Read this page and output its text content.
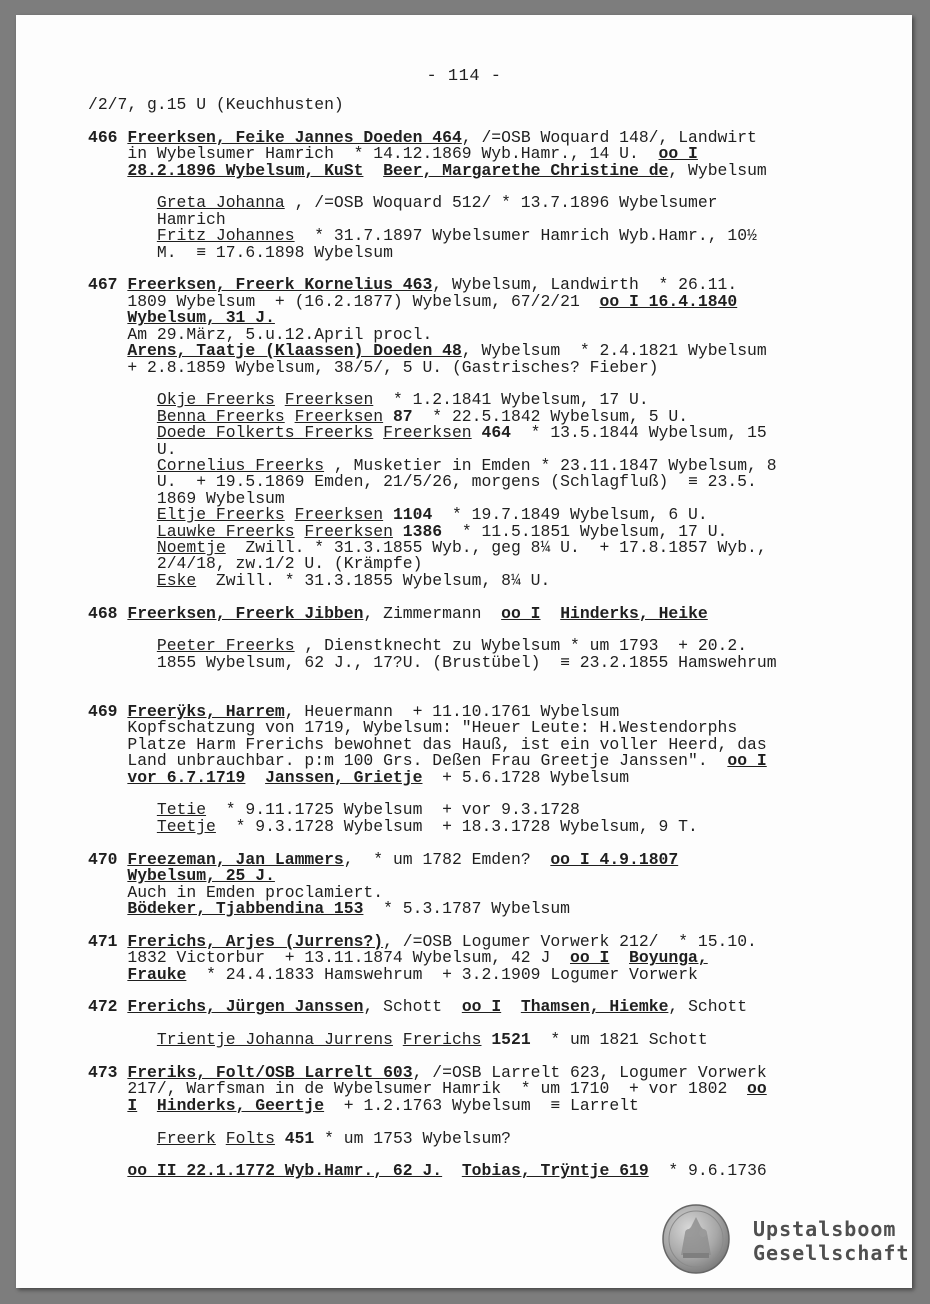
- 114 -
/2/7, g.15 U (Keuchhusten)

466 Freerksen, Feike Jannes Doeden 464, /=OSB Woquard 148/, Landwirt
in Wybelsumer Hamrich  * 14.12.1869 Wyb.Hamr., 14 U.  oo I
28.2.1896 Wybelsum, KuSt Beer, Margarethe Christine de, Wybelsum

Greta Johanna , /=OSB Woquard 512/ * 13.7.1896 Wybelsumer
Hamrich
Fritz Johannes  * 31.7.1897 Wybelsumer Hamrich Wyb.Hamr., 10½
M.  ≡ 17.6.1898 Wybelsum

467 Freerksen, Freerk Kornelius 463, Wybelsum, Landwirth  * 26.11.
1809 Wybelsum  + (16.2.1877) Wybelsum, 67/2/21  oo I 16.4.1840
Wybelsum, 31 J.
Am 29.März, 5.u.12.April procl.
Arens, Taatje (Klaassen) Doeden 48, Wybelsum  * 2.4.1821 Wybelsum
+ 2.8.1859 Wybelsum, 38/5/, 5 U. (Gastrisches? Fieber)

Okje Freerks Freerksen  * 1.2.1841 Wybelsum, 17 U.
Benna Freerks Freerksen 87  * 22.5.1842 Wybelsum, 5 U.
Doede Folkerts Freerks Freerksen 464  * 13.5.1844 Wybelsum, 15
U.
Cornelius Freerks , Musketier in Emden * 23.11.1847 Wybelsum, 8
U.  + 19.5.1869 Emden, 21/5/26, morgens (Schlagfluß)  ≡ 23.5.
1869 Wybelsum
Eltje Freerks Freerksen 1104  * 19.7.1849 Wybelsum, 6 U.
Lauwke Freerks Freerksen 1386  * 11.5.1851 Wybelsum, 17 U.
Noemtje  Zwill. * 31.3.1855 Wyb., geg 8¼ U.  + 17.8.1857 Wyb.,
2/4/18, zw.1/2 U. (Krämpfe)
Eske  Zwill. * 31.3.1855 Wybelsum, 8¼ U.

468 Freerksen, Freerk Jibben, Zimmermann  oo I Hinderks, Heike

Peeter Freerks , Dienstknecht zu Wybelsum * um 1793  + 20.2.
1855 Wybelsum, 62 J., 17?U. (Brustübel)  ≡ 23.2.1855 Hamswehrum

469 Freerÿks, Harrem, Heuermann  + 11.10.1761 Wybelsum
Kopfschatzung von 1719, Wybelsum: "Heuer Leute: H.Westendorphs
Platze Harm Frerichs bewohnet das Hauß, ist ein voller Heerd, das
Land unbrauchbar. p:m 100 Grs. Deßen Frau Greetje Janssen".  oo I
vor 6.7.1719 Janssen, Grietje  + 5.6.1728 Wybelsum

Tetie  * 9.11.1725 Wybelsum  + vor 9.3.1728
Teetje  * 9.3.1728 Wybelsum  + 18.3.1728 Wybelsum, 9 T.

470 Freezeman, Jan Lammers,  * um 1782 Emden?  oo I 4.9.1807
Wybelsum, 25 J.
Auch in Emden proclamiert.
Bödeker, Tjabbendina 153  * 5.3.1787 Wybelsum

471 Frerichs, Arjes (Jurrens?), /=OSB Logumer Vorwerk 212/  * 15.10.
1832 Victorbur  + 13.11.1874 Wybelsum, 42 J  oo I Boyunga,
Frauke  * 24.4.1833 Hamswehrum  + 3.2.1909 Logumer Vorwerk

472 Frerichs, Jürgen Janssen, Schott  oo I Thamsen, Hiemke, Schott

Trientje Johanna Jurrens Frerichs 1521  * um 1821 Schott

473 Freriks, Folt/OSB Larrelt 603, /=OSB Larrelt 623, Logumer Vorwerk
217/, Warfsman in de Wybelsumer Hamrik  * um 1710  + vor 1802  oo
I Hinderks, Geertje  + 1.2.1763 Wybelsum  ≡ Larrelt

Freerk Folts 451 * um 1753 Wybelsum?

oo II 22.1.1772 Wyb.Hamr., 62 J. Tobias, Trÿntje 619  * 9.6.1736
Upstalsboom
Gesellschaft
